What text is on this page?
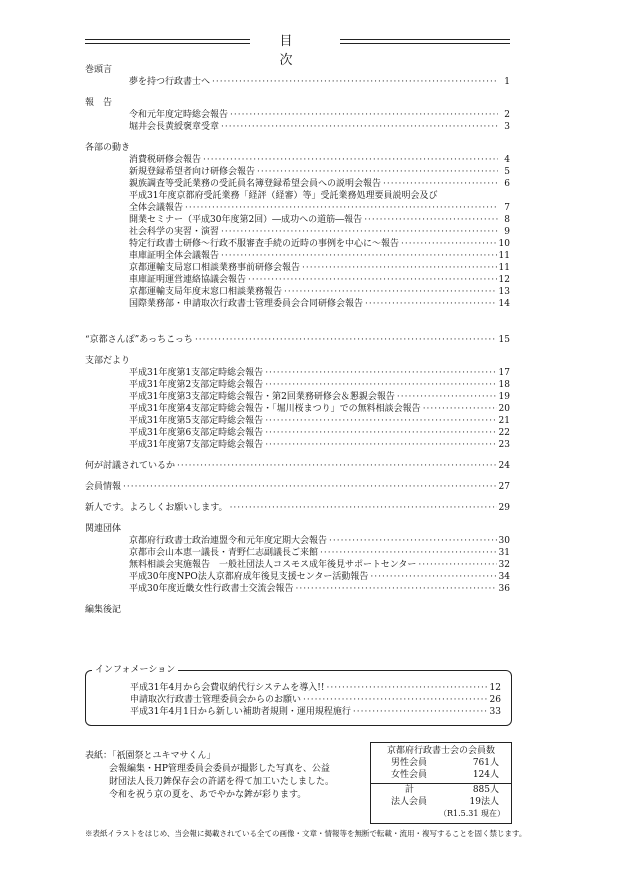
目　次
巻頭言
夢を持つ行政書士へ ·····	1
報　告
令和元年度定時総会報告 ·····	2
堀井会長黄綬褒章受章 ·····	3
各部の動き
消費税研修会報告 ·····	4
新規登録希望者向け研修会報告 ·····	5
親族調査等受託業務の受託員名簿登録希望会員への説明会報告 ·····	6
平成31年度京都府受託業務「経評（経審）等」受託業務処理要員説明会及び
全体会議報告 ·····	7
開業セミナー（平成30年度第2回）―成功への道筋―報告 ·····	8
社会科学の実習・演習 ·····	9
特定行政書士研修～行政不服審査手続の近時の事例を中心に～報告 ·····	10
車庫証明全体会議報告 ·····	11
京都運輸支局窓口相談業務事前研修会報告 ·····	11
車庫証明運営連絡協議会報告 ·····	12
京都運輸支局年度末窓口相談業務報告 ·····	13
国際業務部・申請取次行政書士管理委員会合同研修会報告 ·····	14
“京都さんぽ”あっちこっち ·····	15
支部だより
平成31年度第1支部定時総会報告 ·····	17
平成31年度第2支部定時総会報告 ·····	18
平成31年度第3支部定時総会報告・第2回業務研修会＆懇親会報告 ·····	19
平成31年度第4支部定時総会報告・「堀川桜まつり」での無料相談会報告 ·····	20
平成31年度第5支部定時総会報告 ·····	21
平成31年度第6支部定時総会報告 ·····	22
平成31年度第7支部定時総会報告 ·····	23
何が討議されているか ·····	24
会員情報 ·····	27
新人です。よろしくお願いします。 ·····	29
関連団体
京都府行政書士政治連盟令和元年度定期大会報告 ·····	30
京都市会山本恵一議長・青野仁志副議長ご来館 ·····	31
無料相談会実施報告　一般社団法人コスモス成年後見サポートセンター ·····	32
平成30年度NPO法人京都府成年後見支援センター活動報告 ·····	34
平成30年度近畿女性行政書士交流会報告 ·····	36
編集後記
インフォメーション
平成31年4月から会費収納代行システムを導入!! ·····	12
申請取次行政書士管理委員会からのお願い ·····	26
平成31年4月1日から新しい補助者規則・運用規程施行 ·····	33
表紙：「祇園祭とユキマサくん」
会報編集・HP管理委員会委員が撮影した写真を、公益
財団法人長刀鉾保存会の許諾を得て加工いたしました。
令和を祝う京の夏を、あでやかな鉾が彩ります。
京都府行政書士会の会員数
男性会員	761人
女性会員	124人
計	885人
法人会員	19法人
（R1.5.31 現在）
※表紙イラストをはじめ、当会報に掲載されている全ての画像・文章・情報等を無断で転載・流用・複写することを固く禁じます。
